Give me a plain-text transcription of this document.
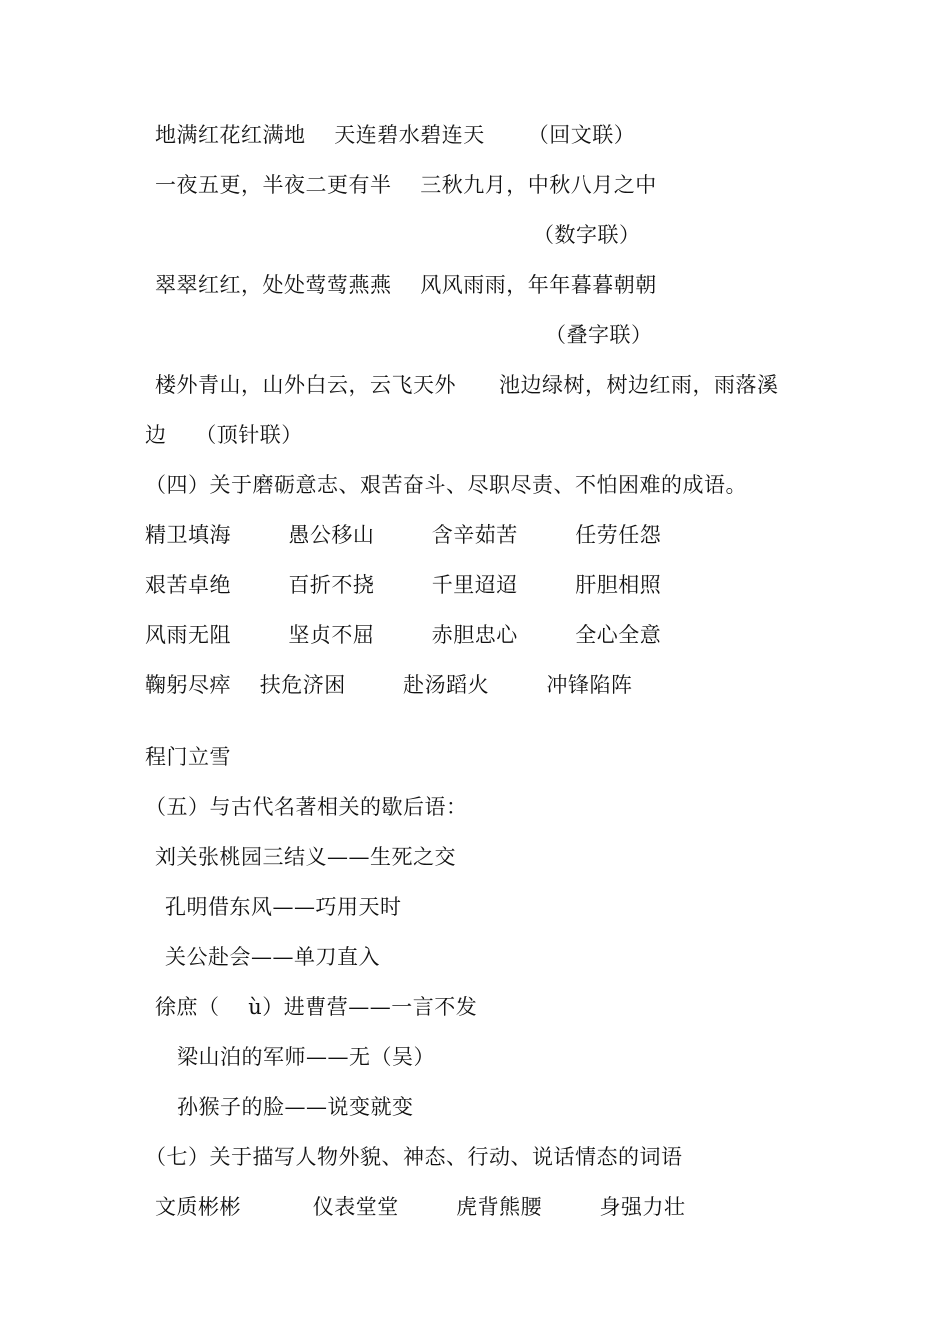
地满红花红满地    天连碧水碧连天      （回文联）
一夜五更，半夜二更有半    三秋九月，中秋八月之中
（数字联）
翠翠红红，处处莺莺燕燕    风风雨雨，年年暮暮朝朝
（叠字联）
楼外青山，山外白云，云飞天外      池边绿树，树边红雨，雨落溪
边    （顶针联）
（四）关于磨砺意志、艰苦奋斗、尽职尽责、不怕困难的成语。
精卫填海        愚公移山        含辛茹苦        任劳任怨
艰苦卓绝        百折不挠        千里迢迢        肝胆相照
风雨无阻        坚贞不屈        赤胆忠心        全心全意
鞠躬尽瘁    扶危济困        赴汤蹈火        冲锋陷阵
程门立雪
（五）与古代名著相关的歇后语：
刘关张桃园三结义——生死之交
孔明借东风——巧用天时
关公赴会——单刀直入
徐庶（    ù）进曹营——一言不发
梁山泊的军师——无（吴）
孙猴子的脸——说变就变
（七）关于描写人物外貌、神态、行动、说话情态的词语
文质彬彬          仪表堂堂        虎背熊腰        身强力壮
